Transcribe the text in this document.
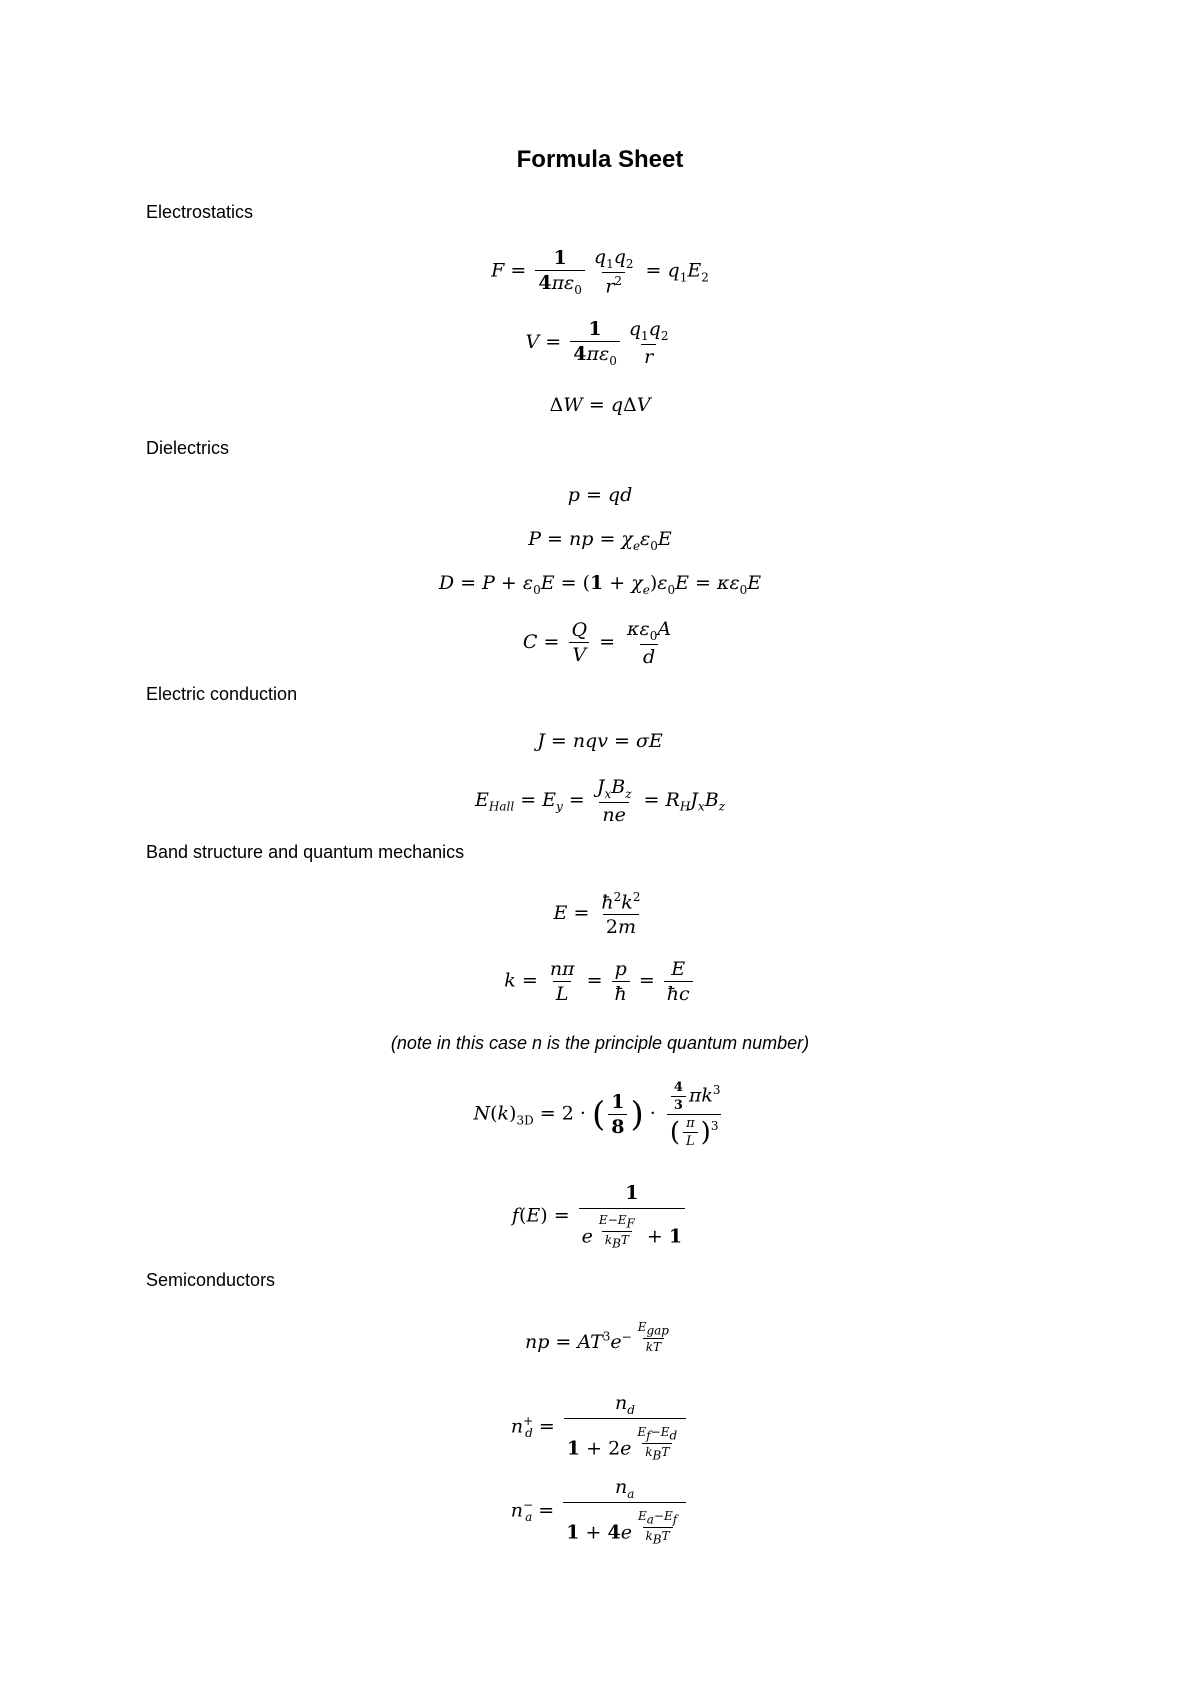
Formula Sheet
Electrostatics
$F = \frac{1}{4\pi\varepsilon_0} \frac{q_1q_2}{r^2} = q_1E_2$
$V = \frac{1}{4\pi\varepsilon_0} \frac{q_1q_2}{r}$
ΔW = qΔV
Dielectrics
p = qd
P = np = $\chi_e\varepsilon_0E$
$D = P + \varepsilon_0E = (1 + \chi_e)\varepsilon_0E = \kappa\varepsilon_0E$
$C = \frac{Q}{V} = \frac{\kappa\varepsilon_0A}{d}$
Electric conduction
J = nqv = σE
$E_{Hall} = E_y = \frac{J_xB_z}{ne} = R_HJ_xB_z$
Band structure and quantum mechanics
$E = \frac{ħ^2k^2}{2m}$
$k = \frac{n\pi}{L} = \frac{p}{ħ} = \frac{E}{ħc}$
(note in this case n is the principle quantum number)
$N(k)_{3D} = 2$ · ( $\frac{1}{8}$ ) · $\frac{\frac{4}{3} \pi k^3}{( \frac{\pi}{L} )^3}$
f(E) = 1
e $^{\frac{E-E_F}{k_BT}}$ + 1
Semiconductors
np = $AT^3e^{- \frac{E_{gap}}{kT}}$
$n^+_d = n_d$
1 + 2e $^{\frac{E_f-E_d}{k_BT}}$
$n^-_a = n_a$
1 + 4e $^{\frac{E_a-E_f}{k_BT}}$
